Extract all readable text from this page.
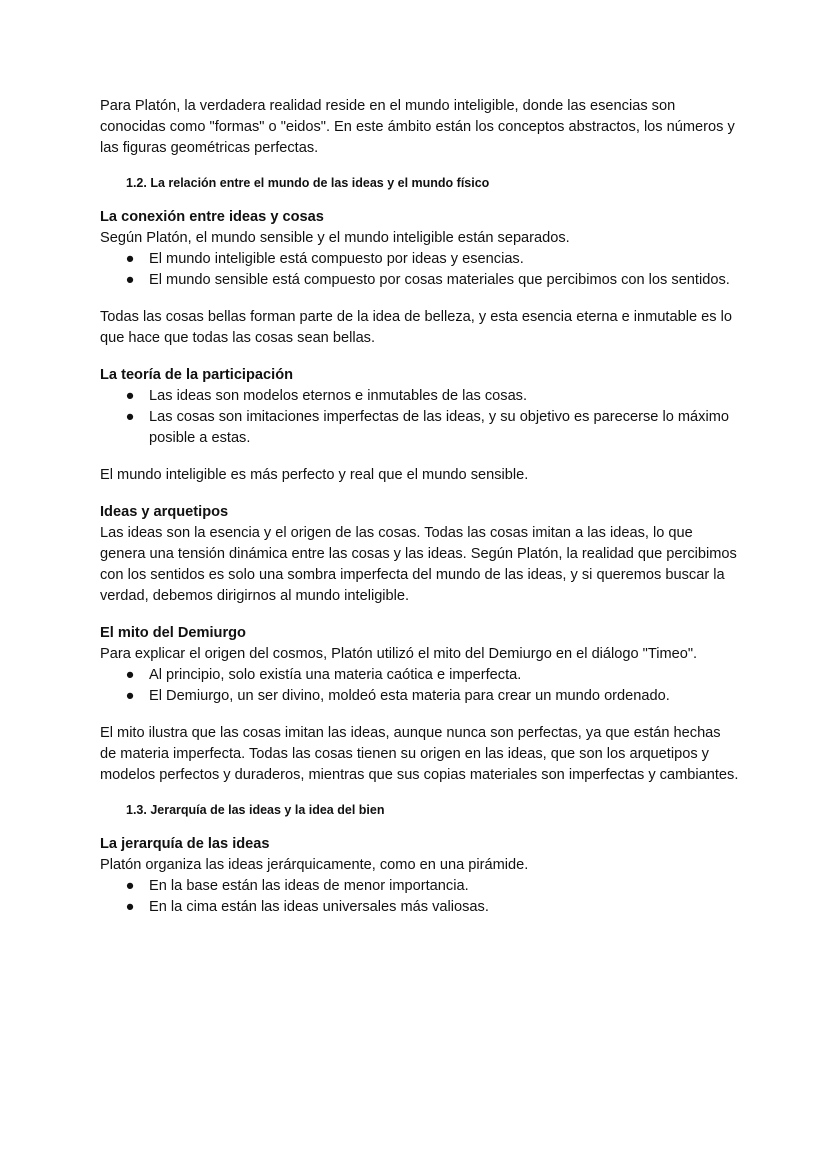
Para Platón, la verdadera realidad reside en el mundo inteligible, donde las esencias son conocidas como "formas" o "eidos". En este ámbito están los conceptos abstractos, los números y las figuras geométricas perfectas.

1.2. La relación entre el mundo de las ideas y el mundo físico

La conexión entre ideas y cosas

Según Platón, el mundo sensible y el mundo inteligible están separados.

● El mundo inteligible está compuesto por ideas y esencias.
● El mundo sensible está compuesto por cosas materiales que percibimos con los sentidos.

Todas las cosas bellas forman parte de la idea de belleza, y esta esencia eterna e inmutable es lo que hace que todas las cosas sean bellas.

La teoría de la participación

● Las ideas son modelos eternos e inmutables de las cosas.
● Las cosas son imitaciones imperfectas de las ideas, y su objetivo es parecerse lo máximo posible a estas.

El mundo inteligible es más perfecto y real que el mundo sensible.

Ideas y arquetipos

Las ideas son la esencia y el origen de las cosas. Todas las cosas imitan a las ideas, lo que genera una tensión dinámica entre las cosas y las ideas. Según Platón, la realidad que percibimos con los sentidos es solo una sombra imperfecta del mundo de las ideas, y si queremos buscar la verdad, debemos dirigirnos al mundo inteligible.

El mito del Demiurgo

Para explicar el origen del cosmos, Platón utilizó el mito del Demiurgo en el diálogo "Timeo".

● Al principio, solo existía una materia caótica e imperfecta.
● El Demiurgo, un ser divino, moldeó esta materia para crear un mundo ordenado.

El mito ilustra que las cosas imitan las ideas, aunque nunca son perfectas, ya que están hechas de materia imperfecta. Todas las cosas tienen su origen en las ideas, que son los arquetipos y modelos perfectos y duraderos, mientras que sus copias materiales son imperfectas y cambiantes.

1.3. Jerarquía de las ideas y la idea del bien

La jerarquía de las ideas

Platón organiza las ideas jerárquicamente, como en una pirámide.

● En la base están las ideas de menor importancia.
● En la cima están las ideas universales más valiosas.
